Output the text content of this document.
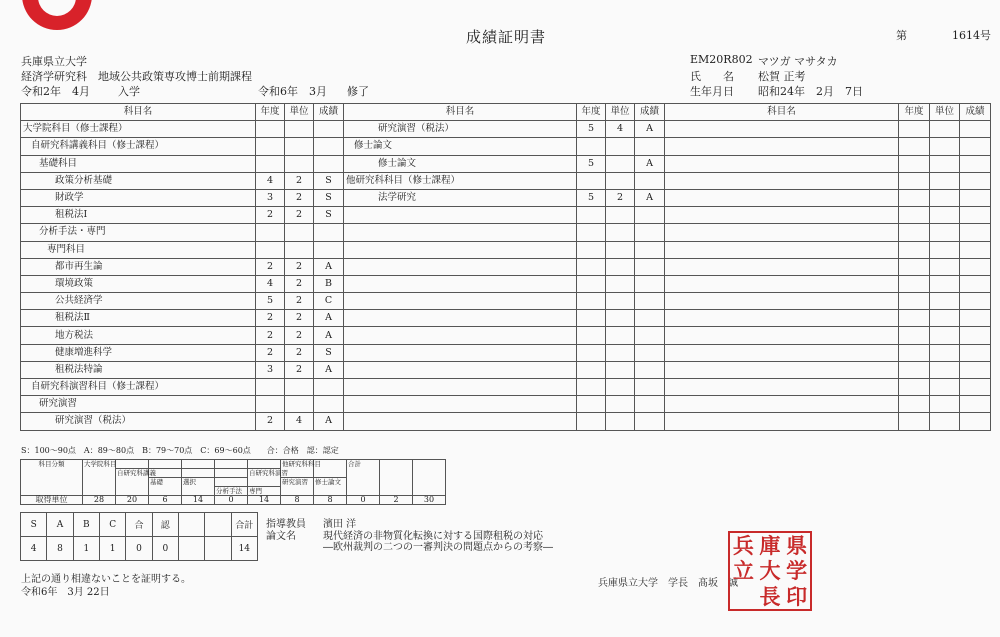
成績証明書	第	1614号
兵庫県立大学
経済学研究科　地域公共政策専攻博士前期課程
令和2年　4月	入学	令和6年　3月 修了
EM20R802 マツガ マサタカ
氏　　名 松賀 正考
生年月日 昭和24年　2月　7日
科目名	年度	単位	成績	科目名	年度	単位	成績	科目名	年度	単位	成績
大学院科目（修士課程）				研究演習（税法）	5	4	A				
自研究科講義科目（修士課程）				修士論文							
基礎科目				修士論文	5		A				
政策分析基礎	4	2	S	他研究科科目（修士課程）							
財政学	3	2	S	法学研究	5	2	A				
租税法Ⅰ	2	2	S								
分析手法・専門											
専門科目											
都市再生論	2	2	A								
環境政策	4	2	B								
公共経済学	5	2	C								
租税法Ⅱ	2	2	A								
地方税法	2	2	A								
健康増進科学	2	2	S								
租税法特論	3	2	A								
自研究科演習科目（修士課程）											
研究演習											
研究演習（税法）	2	4	A								
S：100〜90点　A：89〜80点　B：79〜70点　C：69〜60点　　合：合格　認：認定
科目分類	大学院科目						他研究科科目		合計		
		自研究科講義				自研究科演習					
			基礎	選択			研究演習	修士論文			
					分析手法	専門					
取得単位	28	20	6	14	0	14	8	8	0	2	30
S	A	B	C	合	認			合計
4	8	1	1	0	0			14
指導教員 濱田 洋
論文名	現代経済の非物質化転換に対する国際租税の対応
―欧州裁判の二つの一審判決の問題点からの考察―
上記の通り相違ないことを証明する。
令和6年　3月 22日
兵庫県立大学　学長　髙坂　誠
兵 庫 県
立 大 学
長 印
